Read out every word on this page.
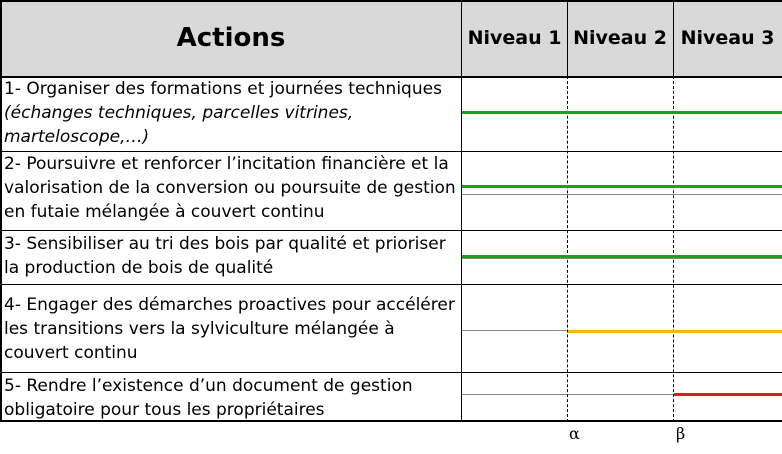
Actions	Niveau 1 Niveau 2 Niveau 3
1- Organiser des formations et journées techniques
(échanges techniques, parcelles vitrines, marteloscope,…)
2- Poursuivre et renforcer l’incitation financière et la valorisation de la conversion ou poursuite de gestion en futaie mélangée à couvert continu
3- Sensibiliser au tri des bois par qualité et prioriser la production de bois de qualité
4- Engager des démarches proactives pour accélérer les transitions vers la sylviculture mélangée à couvert continu
5- Rendre l’existence d’un document de gestion obligatoire pour tous les propriétaires
α	β
